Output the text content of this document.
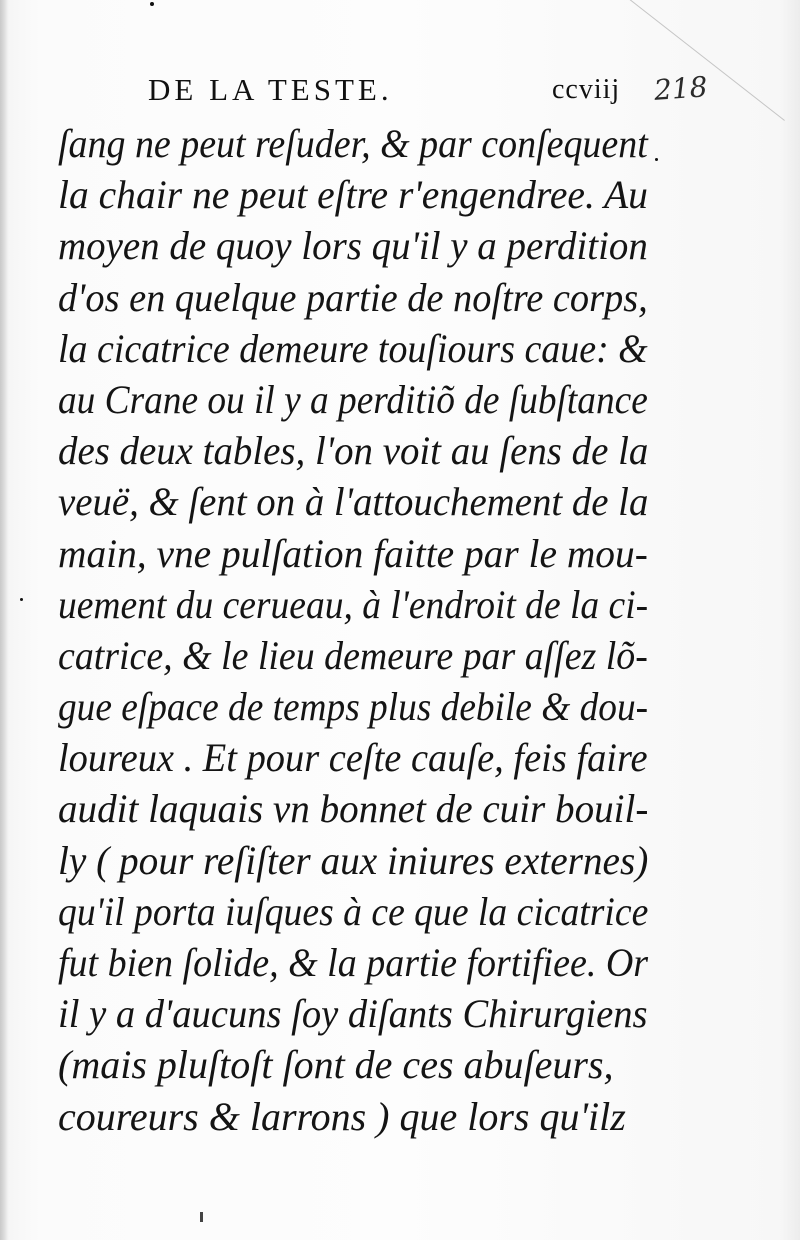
DE LA TESTE.	ccviij 218
ſang ne peut reſuder, & par conſequent
la chair ne peut eſtre r'engendree. Au
moyen de quoy lors qu'il y a perdition
d'os en quelque partie de noſtre corps,
la cicatrice demeure touſiours caue: &
au Crane ou il y a perditiõ de ſubſtance
des deux tables, l'on voit au ſens de la
veuë, & ſent on à l'attouchement de la
main, vne pulſation faitte par le mou-
uement du cerueau, à l'endroit de la ci-
catrice, & le lieu demeure par aſſez lõ-
gue eſpace de temps plus debile & dou-
loureux . Et pour ceſte cauſe, feis faire
audit laquais vn bonnet de cuir bouil-
ly ( pour reſiſter aux iniures externes)
qu'il porta iuſques à ce que la cicatrice
fut bien ſolide, & la partie fortifiee. Or
il y a d'aucuns ſoy diſants Chirurgiens
(mais pluſtoſt ſont de ces abuſeurs,
coureurs & larrons ) que lors qu'ilz
